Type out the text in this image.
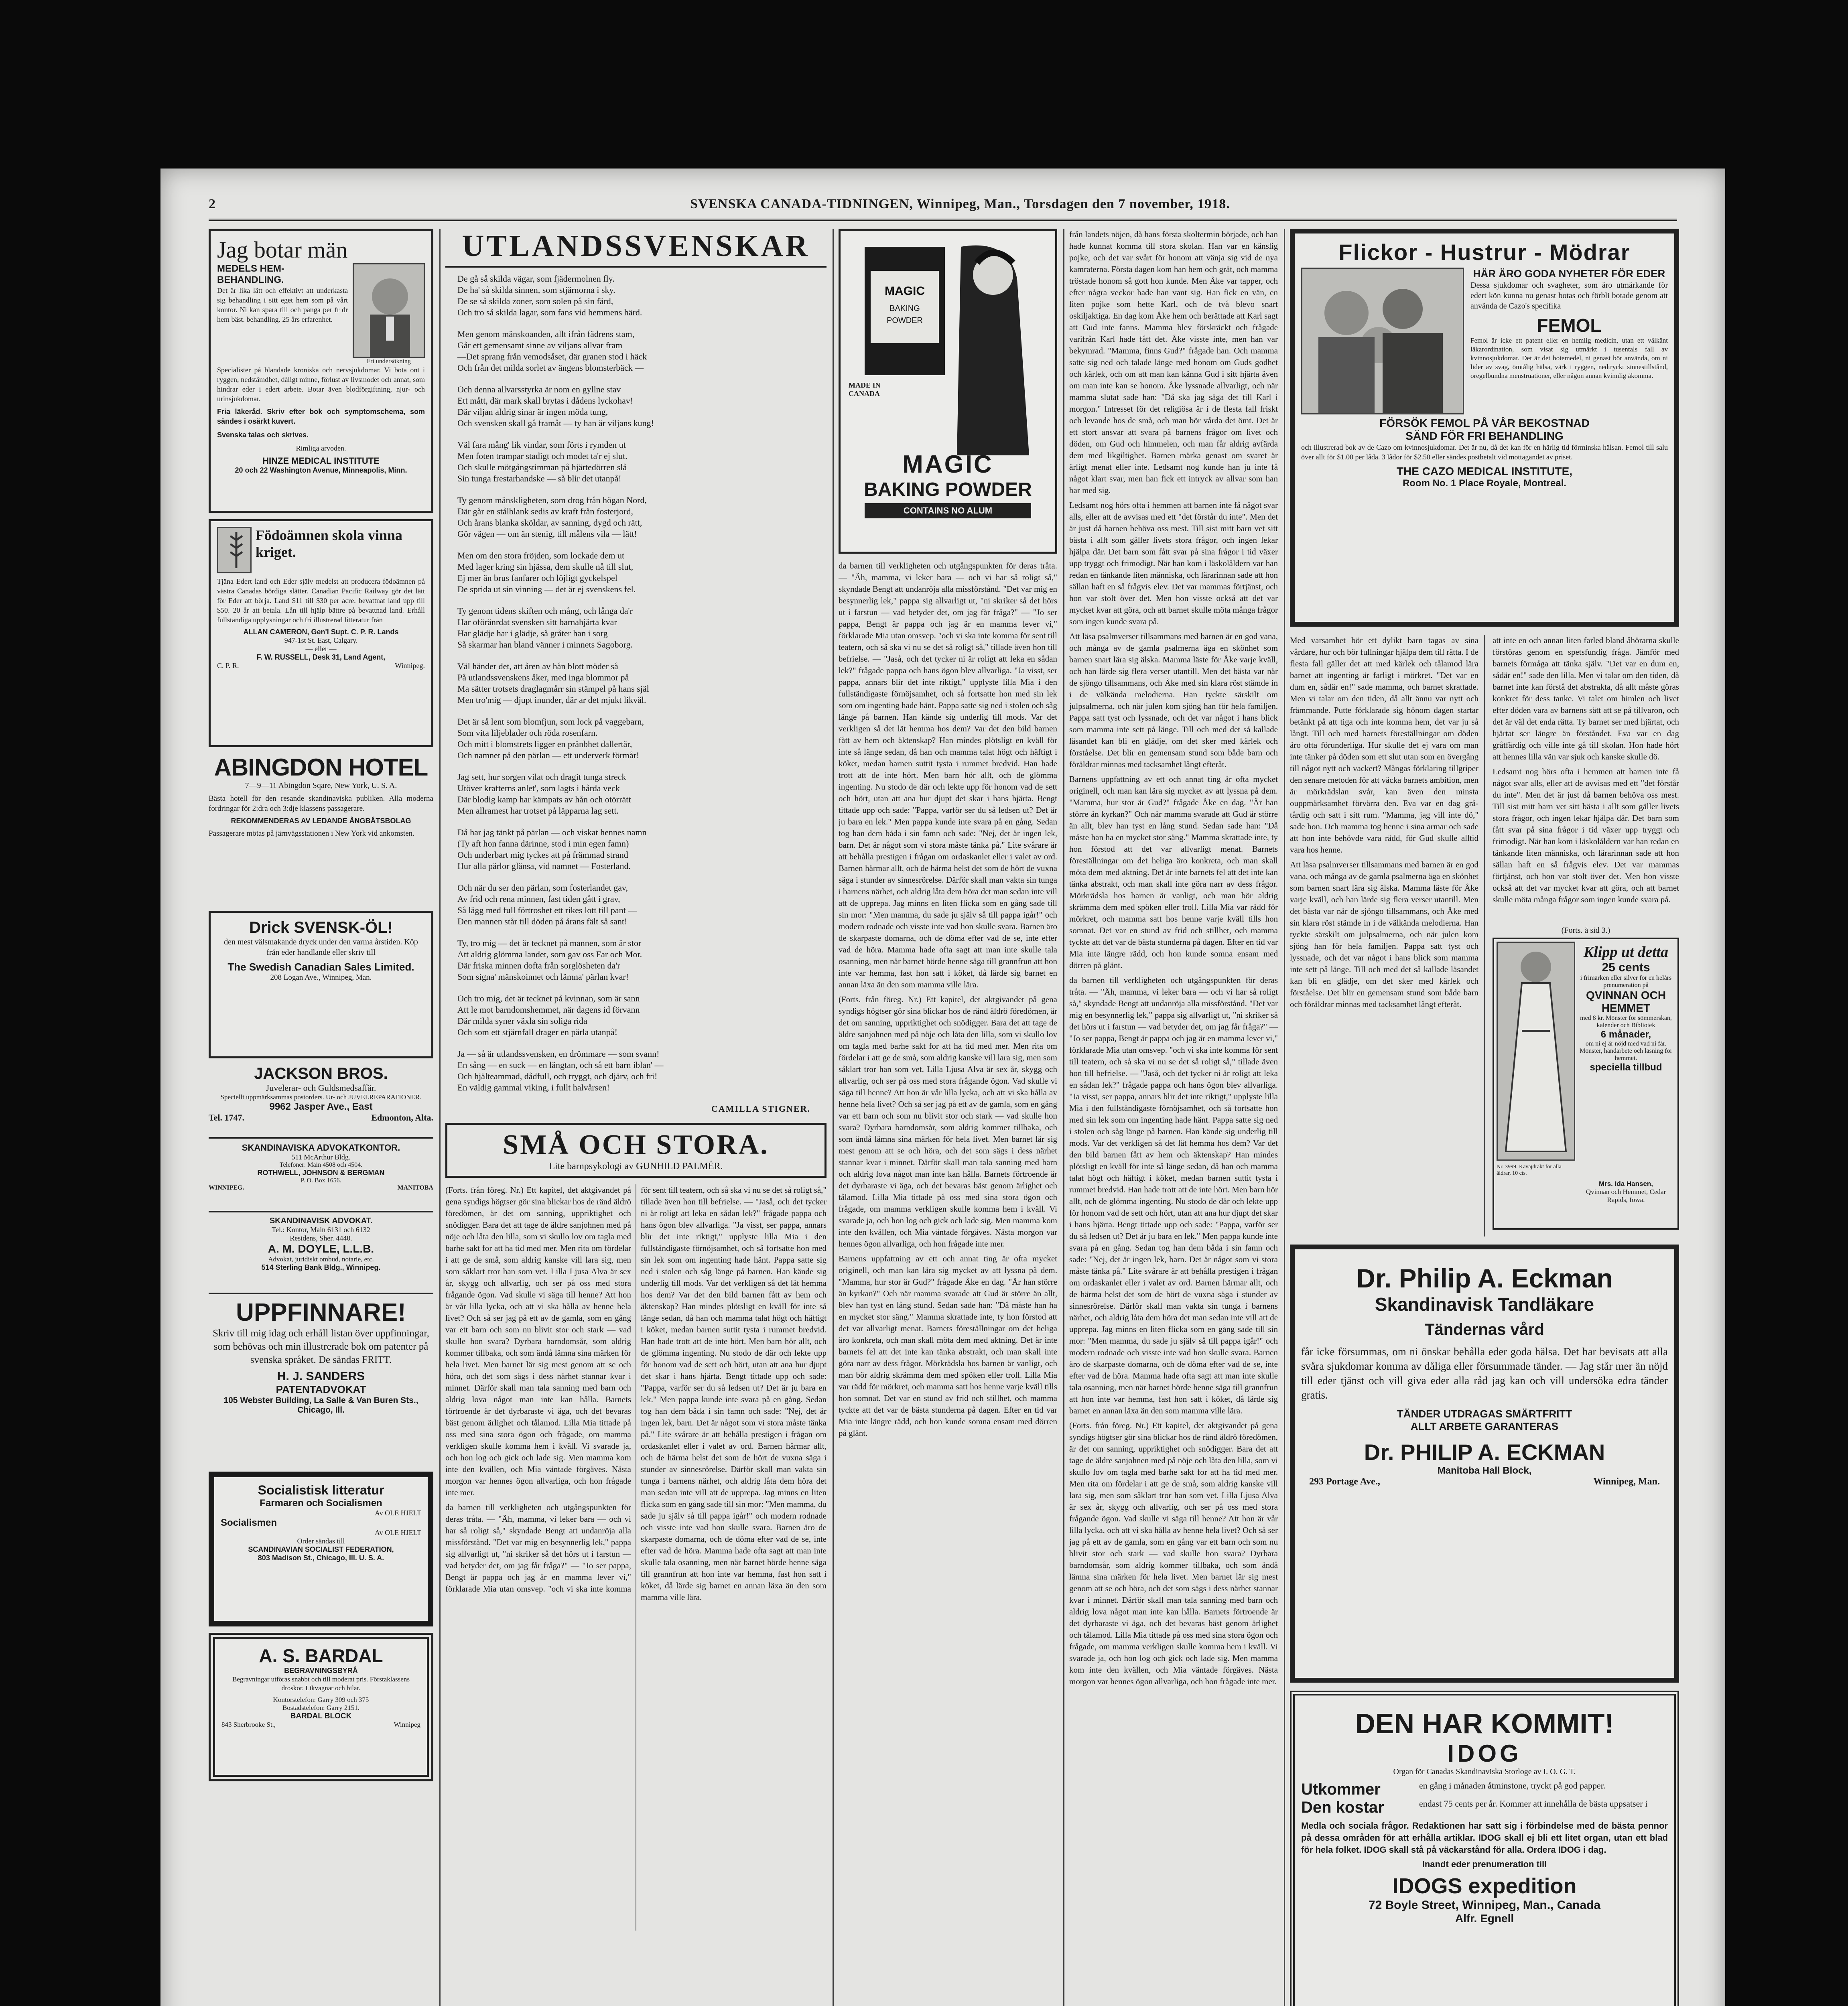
2	SVENSKA CANADA-TIDNINGEN, Winnipeg, Man., Torsdagen den 7 november, 1918.
Jag botar män
MEDELS HEM-BEHANDLING.

Det är lika lätt och effektivt att underkasta sig behandling i sitt eget hem som på vårt kontor. Ni kan spara till och pänga per fr dr hem bäst. behandling. 25 års erfarenhet.

Fri undersökning

Specialister på blandade kroniska och nervsjukdomar. Vi bota ont i ryggen, nedstämdhet, dåligt minne, förlust av livsmodet och annat, som hindrar eder i edert arbete. Botar även blodförgiftning, njur- och urinsjukdomar.

Fria läkeråd. Skriv efter bok och symptomschema, som sändes i osärkt kuvert.

Svenska talas och skrives.

Rimliga arvoden.

HINZE MEDICAL INSTITUTE
20 och 22 Washington Avenue, Minneapolis, Minn.
Födoämnen skola vinna kriget.

Tjäna Edert land och Eder själv medelst att producera födoämnen på västra Canadas bördiga slätter. Canadian Pacific Railway gör det lätt för Eder att börja. Land $11 till $30 per acre. bevattnat land upp till $50. 20 år att betala. Lån till hjälp bättre på bevattnad land. Erhåll fullständiga upplysningar och fri illustrerad litteratur från

ALLAN CAMERON, Gen'l Supt. C. P. R. Lands
947-1st St. East, Calgary.
— eller —
F. W. RUSSELL, Desk 31, Land Agent,
C. P. R.	Winnipeg.
ABINGDON HOTEL

7—9—11 Abingdon Sqare, New York, U. S. A.

Bästa hotell för den resande skandinaviska publiken. Alla moderna fordringar för 2:dra och 3:dje klassens passagerare.

REKOMMENDERAS AV LEDANDE ÅNGBÅTSBOLAG

Passagerare mötas på järnvägsstationen i New York vid ankomsten.

Drick SVENSK-ÖL!

den mest välsmakande dryck under den varma årstiden. Köp från eder handlande eller skriv till

The Swedish Canadian Sales Limited.
208 Logan Ave., Winnipeg, Man.
JACKSON BROS.
Juvelerar- och Guldsmedsaffär.
Speciellt uppmärksammas postorders. Ur- och JUVELREPARATIONER.
9962 Jasper Ave., East
Tel. 1747.	Edmonton, Alta.
SKANDINAVISKA ADVOKATKONTOR.
511 McArthur Bldg.
Telefoner: Main 4508 och 4504.
ROTHWELL, JOHNSON & BERGMAN
P. O. Box 1656.
WINNIPEG.	MANITOBA
SKANDINAVISK ADVOKAT.
Tel.: Kontor, Main 6131 och 6132
Residens, Sher. 4440.
A. M. DOYLE, L.L.B.
Advokat, juridiskt ombud, notarie, etc.
514 Sterling Bank Bldg., Winnipeg.
UPPFINNARE!

Skriv till mig idag och erhåll listan över uppfinningar, som behövas och min illustrerade bok om patenter på svenska språket. De sändas FRITT.

H. J. SANDERS
PATENTADVOKAT
105 Webster Building, La Salle & Van Buren Sts., Chicago, Ill.
Socialistisk litteratur
Farmaren och Socialismen
Av OLE HJELT
Socialismen
Av OLE HJELT
Order sändas till
SCANDINAVIAN SOCIALIST FEDERATION,
803 Madison St., Chicago, Ill. U. S. A.
A. S. BARDAL
BEGRAVNINGSBYRÅ

Begravningar utföras snabbt och till moderat pris. Förstaklassens droskor. Likvagnar och bilar.

Kontorstelefon: Garry 309 och 375
Bostadstelefon: Garry 2151.
BARDAL BLOCK
843 Sherbrooke St.,	Winnipeg
UTLANDSSVENSKAR

De gå så skilda vägar, som fjädermolnen fly.
De ha' så skilda sinnen, som stjärnorna i sky.
De se så skilda zoner, som solen på sin färd,
Och tro så skilda lagar, som fans vid hemmens härd.

Men genom mänskoanden, allt ifrån fädrens stam,
Går ett gemensamt sinne av viljans allvar fram
—Det sprang från vemodsåset, där granen stod i häck
Och från det milda sorlet av ängens blomsterbäck —

Och denna allvarsstyrka är nom en gyllne stav
Ett mått, där mark skall brytas i dådens lyckohav!
Där viljan aldrig sinar är ingen möda tung,
Och svensken skall gå framåt — ty han är viljans kung!

Väl fara mång' lik vindar, som förts i rymden ut
Men foten trampar stadigt och modet ta'r ej slut.
Och skulle mötgångstimman på hjärtedörren slå
Sin tunga frestarhandske — så blir det utanpå!

Ty genom mänskligheten, som drog från högan Nord,
Där går en stålblank sedis av kraft från fosterjord,
Och årans blanka sköldar, av sanning, dygd och rätt,
Gör vägen — om än stenig, till målens vila — lätt!

Men om den stora fröjden, som lockade dem ut
Med lager kring sin hjässa, dem skulle nå till slut,
Ej mer än brus fanfarer och löjligt gyckelspel
De sprida ut sin vinning — det är ej svenskens fel.

Ty genom tidens skiften och mång, och långa da'r
Har oföränrdat svensken sitt barnahjärta kvar
Har glädje har i glädje, så gråter han i sorg
Så skarmar han bland vänner i minnets Sagoborg.

Väl händer det, att åren av hån blott möder så
På utlandssvenskens åker, med inga blommor på
Ma sätter trotsets draglagmårr sin stämpel på hans själ
Men tro'mig — djupt inunder, där ar det mjukt likväl.

Det är så lent som blomfjun, som lock på vaggebarn,
Som vita liljeblader och röda rosenfarn.
Och mitt i blomstrets ligger en pränbhet dallertär,
Och namnet på den pärlan — ett underverk förmår!

Jag sett, hur sorgen vilat och dragit tunga streck
Utöver krafterns anlet', som lagts i hårda veck
Där blodig kamp har kämpats av hån och otörrätt
Men allramest har trotset på läpparna lag sett.

Då har jag tänkt på pärlan — och viskat hennes namn
(Ty aft hon fanna därinne, stod i min egen famn)
Och underbart mig tyckes att på främmad strand
Hur alla pärlor glänsa, vid namnet — Fosterland.

Och när du ser den pärlan, som fosterlandet gav,
Av frid och rena minnen, fast tiden gått i grav,
Så lägg med full förtroshet ett rikes lott till pant —
Den mannen står till döden på årans fält så sant!

Ty, tro mig — det är tecknet på mannen, som är stor
Att aldrig glömma landet, som gav oss Far och Mor.
Där friska minnen dofta från sorglösheten da'r
Som signa' mänskoinnet och lämna' pärlan kvar!

Och tro mig, det är tecknet på kvinnan, som är sann
Att le mot barndomshemmet, när dagens id förvann
Där milda syner växla sin soliga rida
Och som ett stjärnfall drager en pärla utanpå!

Ja — så är utlandssvensken, en drömmare — som svann!
En sång — en suck — en längtan, och så ett barn iblan' —
Och hjälteammad, dådfull, och tryggt, och djärv, och fri!
En väldig gammal viking, i fullt halvårsen!

CAMILLA STIGNER.
SMÅ OCH STORA.
Lite barnpsykologi av GUNHILD PALMÉR.

(Forts. från föreg. Nr.) Ett kapitel, det aktgivandet på gena syndigs högtser gör sina blickar hos de ränd äldrö föredömen, är det om sanning, uppriktighet och snödigger. Bara det att tage de äldre sanjohnen med på nöje och låta den lilla, som vi skullo lov om tagla med barhe sakt for att ha tid med mer. Men rita om fördelar i att ge de små, som aldrig kanske vill lara sig, men som såklart tror han som vet. Lilla Ljusa Alva är sex år, skygg och allvarlig, och ser på oss med stora frågande ögon. Vad skulle vi säga till henne? Att hon är vår lilla lycka, och att vi ska hålla av henne hela livet? Och så ser jag på ett av de gamla, som en gång var ett barn och som nu blivit stor och stark — vad skulle hon svara? Dyrbara barndomsår, som aldrig kommer tillbaka, och som ändå lämna sina märken för hela livet. Men barnet lär sig mest genom att se och höra, och det som sägs i dess närhet stannar kvar i minnet. Därför skall man tala sanning med barn och aldrig lova något man inte kan hålla. Barnets förtroende är det dyrbaraste vi äga, och det bevaras bäst genom ärlighet och tålamod. Lilla Mia tittade på oss med sina stora ögon och frågade, om mamma verkligen skulle komma hem i kväll. Vi svarade ja, och hon log och gick och lade sig. Men mamma kom inte den kvällen, och Mia väntade förgäves. Nästa morgon var hennes ögon allvarliga, och hon frågade inte mer.

da barnen till verkligheten och utgångspunkten för deras tråta. — "Äh, mamma, vi leker bara — och vi har så roligt så," skyndade Bengt att undanröja alla missförstånd. "Det var mig en besynnerlig lek," pappa sig allvarligt ut, "ni skriker så det hörs ut i farstun — vad betyder det, om jag får fråga?" — "Jo ser pappa, Bengt är pappa och jag är en mamma lever vi," förklarade Mia utan omsvep. "och vi ska inte komma för sent till teatern, och så ska vi nu se det så roligt så," tillade även hon till befrielse. — "Jaså, och det tycker ni är roligt att leka en sådan lek?" frågade pappa och hans ögon blev allvarliga. "Ja visst, ser pappa, annars blir det inte riktigt," upplyste lilla Mia i den fullständigaste förnöjsamhet, och så fortsatte hon med sin lek som om ingenting hade hänt. Pappa satte sig ned i stolen och såg länge på barnen. Han kände sig underlig till mods. Var det verkligen så det lät hemma hos dem? Var det den bild barnen fått av hem och äktenskap? Han mindes plötsligt en kväll för inte så länge sedan, då han och mamma talat högt och häftigt i köket, medan barnen suttit tysta i rummet bredvid. Han hade trott att de inte hört. Men barn hör allt, och de glömma ingenting. Nu stodo de där och lekte upp för honom vad de sett och hört, utan att ana hur djupt det skar i hans hjärta. Bengt tittade upp och sade: "Pappa, varför ser du så ledsen ut? Det är ju bara en lek." Men pappa kunde inte svara på en gång. Sedan tog han dem båda i sin famn och sade: "Nej, det är ingen lek, barn. Det är något som vi stora måste tänka på." Lite svårare är att behålla prestigen i frågan om ordaskanlet eller i valet av ord. Barnen härmar allt, och de härma helst det som de hört de vuxna säga i stunder av sinnesrörelse. Därför skall man vakta sin tunga i barnens närhet, och aldrig låta dem höra det man sedan inte vill att de upprepa. Jag minns en liten flicka som en gång sade till sin mor: "Men mamma, du sade ju själv så till pappa igår!" och modern rodnade och visste inte vad hon skulle svara. Barnen äro de skarpaste domarna, och de döma efter vad de se, inte efter vad de höra. Mamma hade ofta sagt att man inte skulle tala osanning, men när barnet hörde henne säga till grannfrun att hon inte var hemma, fast hon satt i köket, då lärde sig barnet en annan läxa än den som mamma ville lära.

MAGIC
BAKING
POWDER
MADE IN CANADA
MAGIC
BAKING POWDER
CONTAINS NO ALUM

da barnen till verkligheten och utgångspunkten för deras tråta. — "Äh, mamma, vi leker bara — och vi har så roligt så," skyndade Bengt att undanröja alla missförstånd. "Det var mig en besynnerlig lek," pappa sig allvarligt ut, "ni skriker så det hörs ut i farstun — vad betyder det, om jag får fråga?" — "Jo ser pappa, Bengt är pappa och jag är en mamma lever vi," förklarade Mia utan omsvep. "och vi ska inte komma för sent till teatern, och så ska vi nu se det så roligt så," tillade även hon till befrielse. — "Jaså, och det tycker ni är roligt att leka en sådan lek?" frågade pappa och hans ögon blev allvarliga. "Ja visst, ser pappa, annars blir det inte riktigt," upplyste lilla Mia i den fullständigaste förnöjsamhet, och så fortsatte hon med sin lek som om ingenting hade hänt. Pappa satte sig ned i stolen och såg länge på barnen. Han kände sig underlig till mods. Var det verkligen så det lät hemma hos dem? Var det den bild barnen fått av hem och äktenskap? Han mindes plötsligt en kväll för inte så länge sedan, då han och mamma talat högt och häftigt i köket, medan barnen suttit tysta i rummet bredvid. Han hade trott att de inte hört. Men barn hör allt, och de glömma ingenting. Nu stodo de där och lekte upp för honom vad de sett och hört, utan att ana hur djupt det skar i hans hjärta. Bengt tittade upp och sade: "Pappa, varför ser du så ledsen ut? Det är ju bara en lek." Men pappa kunde inte svara på en gång. Sedan tog han dem båda i sin famn och sade: "Nej, det är ingen lek, barn. Det är något som vi stora måste tänka på." Lite svårare är att behålla prestigen i frågan om ordaskanlet eller i valet av ord. Barnen härmar allt, och de härma helst det som de hört de vuxna säga i stunder av sinnesrörelse. Därför skall man vakta sin tunga i barnens närhet, och aldrig låta dem höra det man sedan inte vill att de upprepa. Jag minns en liten flicka som en gång sade till sin mor: "Men mamma, du sade ju själv så till pappa igår!" och modern rodnade och visste inte vad hon skulle svara. Barnen äro de skarpaste domarna, och de döma efter vad de se, inte efter vad de höra. Mamma hade ofta sagt att man inte skulle tala osanning, men när barnet hörde henne säga till grannfrun att hon inte var hemma, fast hon satt i köket, då lärde sig barnet en annan läxa än den som mamma ville lära.

(Forts. från föreg. Nr.) Ett kapitel, det aktgivandet på gena syndigs högtser gör sina blickar hos de ränd äldrö föredömen, är det om sanning, uppriktighet och snödigger. Bara det att tage de äldre sanjohnen med på nöje och låta den lilla, som vi skullo lov om tagla med barhe sakt for att ha tid med mer. Men rita om fördelar i att ge de små, som aldrig kanske vill lara sig, men som såklart tror han som vet. Lilla Ljusa Alva är sex år, skygg och allvarlig, och ser på oss med stora frågande ögon. Vad skulle vi säga till henne? Att hon är vår lilla lycka, och att vi ska hålla av henne hela livet? Och så ser jag på ett av de gamla, som en gång var ett barn och som nu blivit stor och stark — vad skulle hon svara? Dyrbara barndomsår, som aldrig kommer tillbaka, och som ändå lämna sina märken för hela livet. Men barnet lär sig mest genom att se och höra, och det som sägs i dess närhet stannar kvar i minnet. Därför skall man tala sanning med barn och aldrig lova något man inte kan hålla. Barnets förtroende är det dyrbaraste vi äga, och det bevaras bäst genom ärlighet och tålamod. Lilla Mia tittade på oss med sina stora ögon och frågade, om mamma verkligen skulle komma hem i kväll. Vi svarade ja, och hon log och gick och lade sig. Men mamma kom inte den kvällen, och Mia väntade förgäves. Nästa morgon var hennes ögon allvarliga, och hon frågade inte mer.

Barnens uppfattning av ett och annat ting är ofta mycket originell, och man kan lära sig mycket av att lyssna på dem. "Mamma, hur stor är Gud?" frågade Åke en dag. "Är han större än kyrkan?" Och när mamma svarade att Gud är större än allt, blev han tyst en lång stund. Sedan sade han: "Då måste han ha en mycket stor säng." Mamma skrattade inte, ty hon förstod att det var allvarligt menat. Barnets föreställningar om det heliga äro konkreta, och man skall möta dem med aktning. Det är inte barnets fel att det inte kan tänka abstrakt, och man skall inte göra narr av dess frågor. Mörkrädsla hos barnen är vanligt, och man bör aldrig skrämma dem med spöken eller troll. Lilla Mia var rädd för mörkret, och mamma satt hos henne varje kväll tills hon somnat. Det var en stund av frid och stillhet, och mamma tyckte att det var de bästa stunderna på dagen. Efter en tid var Mia inte längre rädd, och hon kunde somna ensam med dörren på glänt.

från landets nöjen, då hans första skoltermin började, och han hade kunnat komma till stora skolan. Han var en känslig pojke, och det var svårt för honom att vänja sig vid de nya kamraterna. Första dagen kom han hem och grät, och mamma tröstade honom så gott hon kunde. Men Åke var tapper, och efter några veckor hade han vant sig. Han fick en vän, en liten pojke som hette Karl, och de två blevo snart oskiljaktiga. En dag kom Åke hem och berättade att Karl sagt att Gud inte fanns. Mamma blev förskräckt och frågade varifrån Karl hade fått det. Åke visste inte, men han var bekymrad. "Mamma, finns Gud?" frågade han. Och mamma satte sig ned och talade länge med honom om Guds godhet och kärlek, och om att man kan känna Gud i sitt hjärta även om man inte kan se honom. Åke lyssnade allvarligt, och när mamma slutat sade han: "Då ska jag säga det till Karl i morgon." Intresset för det religiösa är i de flesta fall friskt och levande hos de små, och man bör vårda det ömt. Det är ett stort ansvar att svara på barnens frågor om livet och döden, om Gud och himmelen, och man får aldrig avfärda dem med likgiltighet. Barnen märka genast om svaret är ärligt menat eller inte. Ledsamt nog kunde han ju inte få något klart svar, men han fick ett intryck av allvar som han bar med sig.

Ledsamt nog hörs ofta i hemmen att barnen inte få något svar alls, eller att de avvisas med ett "det förstår du inte". Men det är just då barnen behöva oss mest. Till sist mitt barn vet sitt bästa i allt som gäller livets stora frågor, och ingen lekar hjälpa där. Det barn som fått svar på sina frågor i tid växer upp tryggt och frimodigt. När han kom i läskolåldern var han redan en tänkande liten människa, och lärarinnan sade att hon sällan haft en så frågvis elev. Det var mammas förtjänst, och hon var stolt över det. Men hon visste också att det var mycket kvar att göra, och att barnet skulle möta många frågor som ingen kunde svara på.

Att läsa psalmverser tillsammans med barnen är en god vana, och många av de gamla psalmerna äga en skönhet som barnen snart lära sig älska. Mamma läste för Åke varje kväll, och han lärde sig flera verser utantill. Men det bästa var när de sjöngo tillsammans, och Åke med sin klara röst stämde in i de välkända melodierna. Han tyckte särskilt om julpsalmerna, och när julen kom sjöng han för hela familjen. Pappa satt tyst och lyssnade, och det var något i hans blick som mamma inte sett på länge. Till och med det så kallade läsandet kan bli en glädje, om det sker med kärlek och förståelse. Det blir en gemensam stund som både barn och föräldrar minnas med tacksamhet långt efteråt.

Barnens uppfattning av ett och annat ting är ofta mycket originell, och man kan lära sig mycket av att lyssna på dem. "Mamma, hur stor är Gud?" frågade Åke en dag. "Är han större än kyrkan?" Och när mamma svarade att Gud är större än allt, blev han tyst en lång stund. Sedan sade han: "Då måste han ha en mycket stor säng." Mamma skrattade inte, ty hon förstod att det var allvarligt menat. Barnets föreställningar om det heliga äro konkreta, och man skall möta dem med aktning. Det är inte barnets fel att det inte kan tänka abstrakt, och man skall inte göra narr av dess frågor. Mörkrädsla hos barnen är vanligt, och man bör aldrig skrämma dem med spöken eller troll. Lilla Mia var rädd för mörkret, och mamma satt hos henne varje kväll tills hon somnat. Det var en stund av frid och stillhet, och mamma tyckte att det var de bästa stunderna på dagen. Efter en tid var Mia inte längre rädd, och hon kunde somna ensam med dörren på glänt.

da barnen till verkligheten och utgångspunkten för deras tråta. — "Äh, mamma, vi leker bara — och vi har så roligt så," skyndade Bengt att undanröja alla missförstånd. "Det var mig en besynnerlig lek," pappa sig allvarligt ut, "ni skriker så det hörs ut i farstun — vad betyder det, om jag får fråga?" — "Jo ser pappa, Bengt är pappa och jag är en mamma lever vi," förklarade Mia utan omsvep. "och vi ska inte komma för sent till teatern, och så ska vi nu se det så roligt så," tillade även hon till befrielse. — "Jaså, och det tycker ni är roligt att leka en sådan lek?" frågade pappa och hans ögon blev allvarliga. "Ja visst, ser pappa, annars blir det inte riktigt," upplyste lilla Mia i den fullständigaste förnöjsamhet, och så fortsatte hon med sin lek som om ingenting hade hänt. Pappa satte sig ned i stolen och såg länge på barnen. Han kände sig underlig till mods. Var det verkligen så det lät hemma hos dem? Var det den bild barnen fått av hem och äktenskap? Han mindes plötsligt en kväll för inte så länge sedan, då han och mamma talat högt och häftigt i köket, medan barnen suttit tysta i rummet bredvid. Han hade trott att de inte hört. Men barn hör allt, och de glömma ingenting. Nu stodo de där och lekte upp för honom vad de sett och hört, utan att ana hur djupt det skar i hans hjärta. Bengt tittade upp och sade: "Pappa, varför ser du så ledsen ut? Det är ju bara en lek." Men pappa kunde inte svara på en gång. Sedan tog han dem båda i sin famn och sade: "Nej, det är ingen lek, barn. Det är något som vi stora måste tänka på." Lite svårare är att behålla prestigen i frågan om ordaskanlet eller i valet av ord. Barnen härmar allt, och de härma helst det som de hört de vuxna säga i stunder av sinnesrörelse. Därför skall man vakta sin tunga i barnens närhet, och aldrig låta dem höra det man sedan inte vill att de upprepa. Jag minns en liten flicka som en gång sade till sin mor: "Men mamma, du sade ju själv så till pappa igår!" och modern rodnade och visste inte vad hon skulle svara. Barnen äro de skarpaste domarna, och de döma efter vad de se, inte efter vad de höra. Mamma hade ofta sagt att man inte skulle tala osanning, men när barnet hörde henne säga till grannfrun att hon inte var hemma, fast hon satt i köket, då lärde sig barnet en annan läxa än den som mamma ville lära.

(Forts. från föreg. Nr.) Ett kapitel, det aktgivandet på gena syndigs högtser gör sina blickar hos de ränd äldrö föredömen, är det om sanning, uppriktighet och snödigger. Bara det att tage de äldre sanjohnen med på nöje och låta den lilla, som vi skullo lov om tagla med barhe sakt for att ha tid med mer. Men rita om fördelar i att ge de små, som aldrig kanske vill lara sig, men som såklart tror han som vet. Lilla Ljusa Alva är sex år, skygg och allvarlig, och ser på oss med stora frågande ögon. Vad skulle vi säga till henne? Att hon är vår lilla lycka, och att vi ska hålla av henne hela livet? Och så ser jag på ett av de gamla, som en gång var ett barn och som nu blivit stor och stark — vad skulle hon svara? Dyrbara barndomsår, som aldrig kommer tillbaka, och som ändå lämna sina märken för hela livet. Men barnet lär sig mest genom att se och höra, och det som sägs i dess närhet stannar kvar i minnet. Därför skall man tala sanning med barn och aldrig lova något man inte kan hålla. Barnets förtroende är det dyrbaraste vi äga, och det bevaras bäst genom ärlighet och tålamod. Lilla Mia tittade på oss med sina stora ögon och frågade, om mamma verkligen skulle komma hem i kväll. Vi svarade ja, och hon log och gick och lade sig. Men mamma kom inte den kvällen, och Mia väntade förgäves. Nästa morgon var hennes ögon allvarliga, och hon frågade inte mer.

Flickor - Hustrur - Mödrar
HÄR ÄRO GODA NYHETER FÖR EDER

Dessa sjukdomar och svagheter, som äro utmärkande för edert kön kunna nu genast botas och förbli botade genom att använda de Cazo's specifika

FEMOL

Femol är icke ett patent eller en hemlig medicin, utan ett välkänt läkarordination, som visat sig utmärkt i tusentals fall av kvinnosjukdomar. Det är det botemedel, ni genast bör använda, om ni lider av svag, ömtålig hälsa, värk i ryggen, nedtryckt sinnestillstånd, oregelbundna menstruationer, eller någon annan kvinnlig åkomma.

FÖRSÖK FEMOL PÅ VÅR BEKOSTNAD
SÄND FÖR FRI BEHANDLING

och illustrerad bok av de Cazo om kvinnosjukdomar. Det är nu, då det kan för en härlig tid förminska hälsan. Femol till salu över allt för $1.00 per låda. 3 lådor för $2.50 eller sändes postbetalt vid mottagandet av priset.

THE CAZO MEDICAL INSTITUTE,
Room No. 1 Place Royale, Montreal.

Med varsamhet bör ett dylikt barn tagas av sina vårdare, hur och bör fullningar hjälpa dem till rätta. I de flesta fall gäller det att med kärlek och tålamod lära barnet att ingenting är farligt i mörkret. "Det var en dum en, sådär en!" sade mamma, och barnet skrattade. Men vi talar om den tiden, då allt ännu var nytt och främmande. Putte förklarade sig hönom dagen startar betänkt på att tiga och inte komma hem, det var ju så långt. Till och med barnets föreställningar om döden äro ofta förunderliga. Hur skulle det ej vara om man inte tänker på döden som ett slut utan som en övergång till något nytt och vackert? Mångas förklaring tillgriper den senare metoden för att väcka barnets ambition, men är mörkrädslan svår, kan även den minsta ouppmärksamhet förvärra den. Eva var en dag grå-tårdig och satt i sitt rum. "Mamma, jag vill inte dö," sade hon. Och mamma tog henne i sina armar och sade att hon inte behövde vara rädd, för Gud skulle alltid vara hos henne.

Att läsa psalmverser tillsammans med barnen är en god vana, och många av de gamla psalmerna äga en skönhet som barnen snart lära sig älska. Mamma läste för Åke varje kväll, och han lärde sig flera verser utantill. Men det bästa var när de sjöngo tillsammans, och Åke med sin klara röst stämde in i de välkända melodierna. Han tyckte särskilt om julpsalmerna, och när julen kom sjöng han för hela familjen. Pappa satt tyst och lyssnade, och det var något i hans blick som mamma inte sett på länge. Till och med det så kallade läsandet kan bli en glädje, om det sker med kärlek och förståelse. Det blir en gemensam stund som både barn och föräldrar minnas med tacksamhet långt efteråt.

att inte en och annan liten farled bland åhörarna skulle förstöras genom en spetsfundig fråga. Jämför med barnets förmåga att tänka själv. "Det var en dum en, sådär en!" sade den lilla. Men vi talar om den tiden, då barnet inte kan förstå det abstrakta, då allt måste göras konkret för dess tanke. Vi talet om himlen och livet efter döden vara av barnens sätt att se på tillvaron, och det är väl det enda rätta. Ty barnet ser med hjärtat, och hjärtat ser längre än förståndet. Eva var en dag gråtfärdig och ville inte gå till skolan. Hon hade hört att hennes lilla vän var sjuk och kanske skulle dö.

Ledsamt nog hörs ofta i hemmen att barnen inte få något svar alls, eller att de avvisas med ett "det förstår du inte". Men det är just då barnen behöva oss mest. Till sist mitt barn vet sitt bästa i allt som gäller livets stora frågor, och ingen lekar hjälpa där. Det barn som fått svar på sina frågor i tid växer upp tryggt och frimodigt. När han kom i läskolåldern var han redan en tänkande liten människa, och lärarinnan sade att hon sällan haft en så frågvis elev. Det var mammas förtjänst, och hon var stolt över det. Men hon visste också att det var mycket kvar att göra, och att barnet skulle möta många frågor som ingen kunde svara på.

(Forts. å sid 3.)
Klipp ut detta
25 cents
i frimärken eller silver för en helårs prenumeration på
QVINNAN OCH HEMMET
med 8 kr. Mönster för sömmerskan, kalender och Bibliotek
6 månader,
om ni ej är nöjd med vad ni får. Mönster, handarbete och läsning för hemmet.
speciella tillbud
Nr. 3999. Kavajdräkt för alla åldrar, 10 cts.
Mrs. Ida Hansen,
Qvinnan och Hemmet, Cedar Rapids, Iowa.
Dr. Philip A. Eckman
Skandinavisk Tandläkare
Tändernas vård

får icke försummas, om ni önskar behålla eder goda hälsa. Det har bevisats att alla svåra sjukdomar komma av dåliga eller försummade tänder. — Jag står mer än nöjd till eder tjänst och vill giva eder alla råd jag kan och vill undersöka edra tänder gratis.

TÄNDER UTDRAGAS SMÄRTFRITT
ALLT ARBETE GARANTERAS
Dr. PHILIP A. ECKMAN
Manitoba Hall Block,
293 Portage Ave.,	Winnipeg, Man.
DEN HAR KOMMIT!
IDOG
Organ för Canadas Skandinaviska Storloge av I. O. G. T.
Utkommer	en gång i månaden åtminstone, tryckt på god papper.
Den kostar	endast 75 cents per år. Kommer att innehålla de bästa uppsatser i

Medla och sociala frågor. Redaktionen har satt sig i förbindelse med de bästa pennor på dessa områden för att erhålla artiklar. IDOG skall ej bli ett litet organ, utan ett blad för hela folket. IDOG skall stå på väckarstånd för alla. Ordera IDOG i dag.

Inandt eder prenumeration till
IDOGS expedition
72 Boyle Street, Winnipeg, Man., Canada
Alfr. Egnell
